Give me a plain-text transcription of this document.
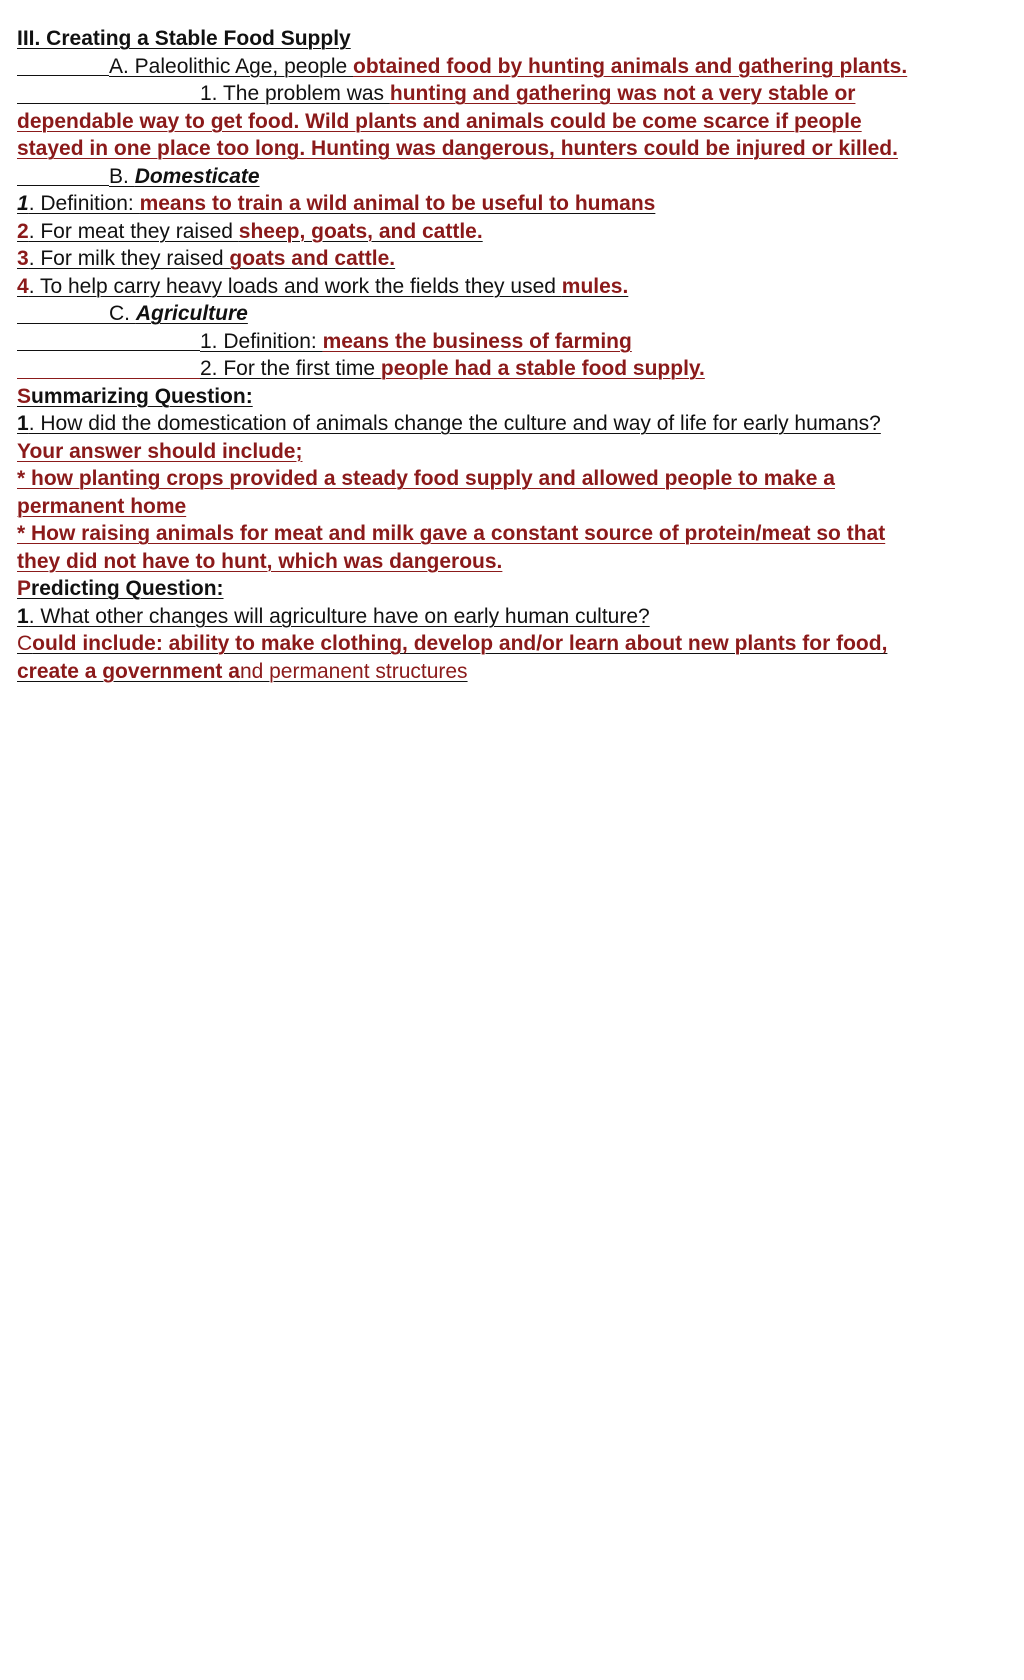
III. Creating a Stable Food Supply
A. Paleolithic Age, people obtained food by hunting animals and gathering plants.
1. The problem was hunting and gathering was not a very stable or
dependable way to get food. Wild plants and animals could be come scarce if people
stayed in one place too long. Hunting was dangerous, hunters could be injured or killed.
B. Domesticate
1. Definition: means to train a wild animal to be useful to humans
2. For meat they raised sheep, goats, and cattle.
3. For milk they raised goats and cattle.
4. To help carry heavy loads and work the fields they used mules.
C. Agriculture
1. Definition: means the business of farming
2. For the first time people had a stable food supply.
Summarizing Question:
1. How did the domestication of animals change the culture and way of life for early humans?
Your answer should include;
* how planting crops provided a steady food supply and allowed people to make a
permanent home
* How raising animals for meat and milk gave a constant source of protein/meat so that
they did not have to hunt, which was dangerous.
Predicting Question:
1. What other changes will agriculture have on early human culture?
Could include: ability to make clothing, develop and/or learn about new plants for food,
create a government and permanent structures
